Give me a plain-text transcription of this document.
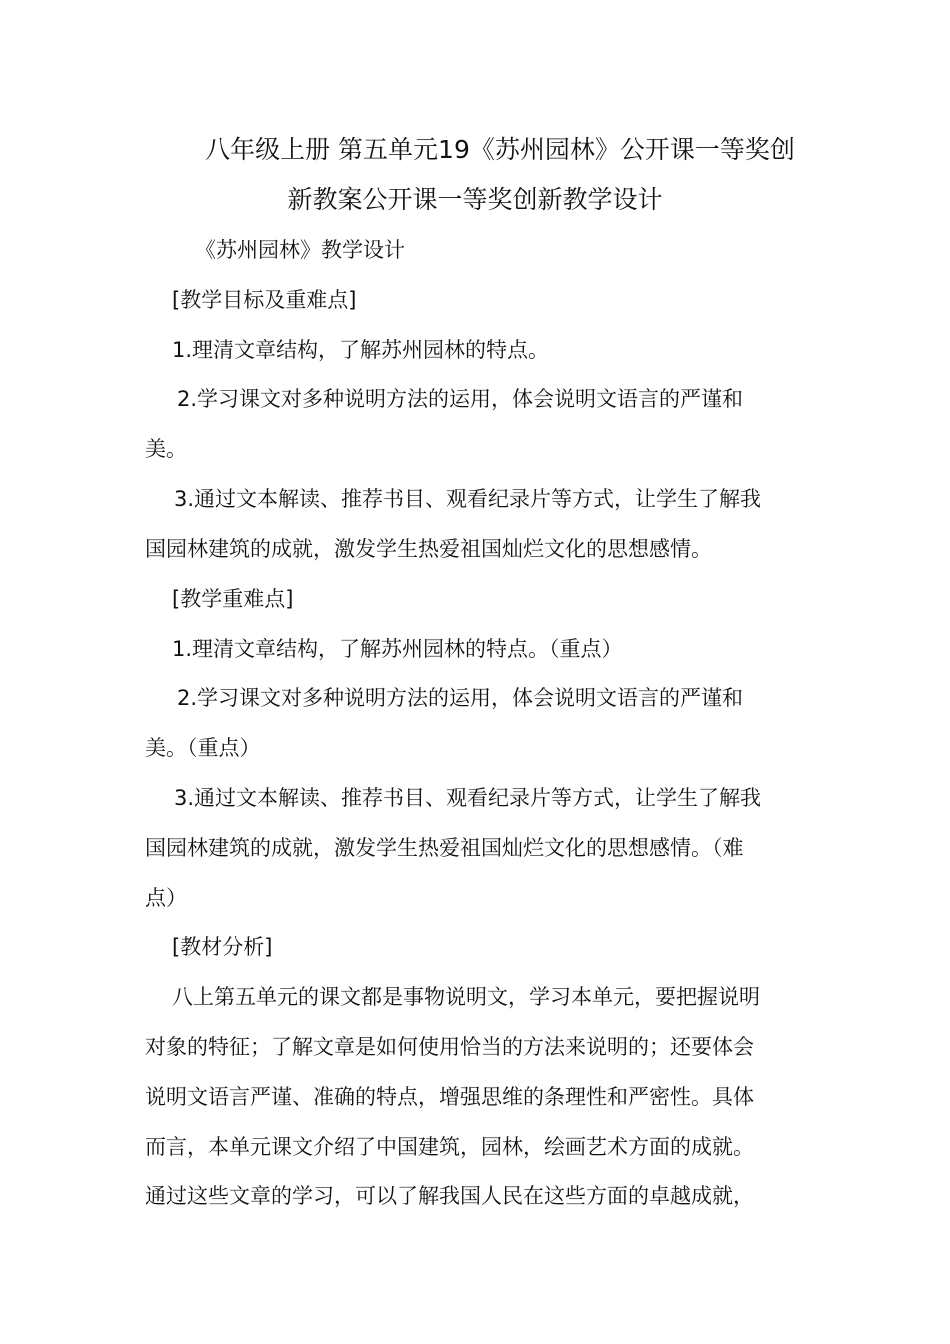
八年级上册 第五单元19《苏州园林》公开课一等奖创
新教案公开课一等奖创新教学设计
《苏州园林》教学设计
[教学目标及重难点]
1.理清文章结构，了解苏州园林的特点。
2.学习课文对多种说明方法的运用，体会说明文语言的严谨和
美。
3.通过文本解读、推荐书目、观看纪录片等方式，让学生了解我
国园林建筑的成就，激发学生热爱祖国灿烂文化的思想感情。
[教学重难点]
1.理清文章结构，了解苏州园林的特点。（重点）
2.学习课文对多种说明方法的运用，体会说明文语言的严谨和
美。（重点）
3.通过文本解读、推荐书目、观看纪录片等方式，让学生了解我
国园林建筑的成就，激发学生热爱祖国灿烂文化的思想感情。（难
点）
[教材分析]
八上第五单元的课文都是事物说明文，学习本单元，要把握说明
对象的特征；了解文章是如何使用恰当的方法来说明的；还要体会
说明文语言严谨、准确的特点，增强思维的条理性和严密性。具体
而言，本单元课文介绍了中国建筑，园林，绘画艺术方面的成就。
通过这些文章的学习，可以了解我国人民在这些方面的卓越成就，
